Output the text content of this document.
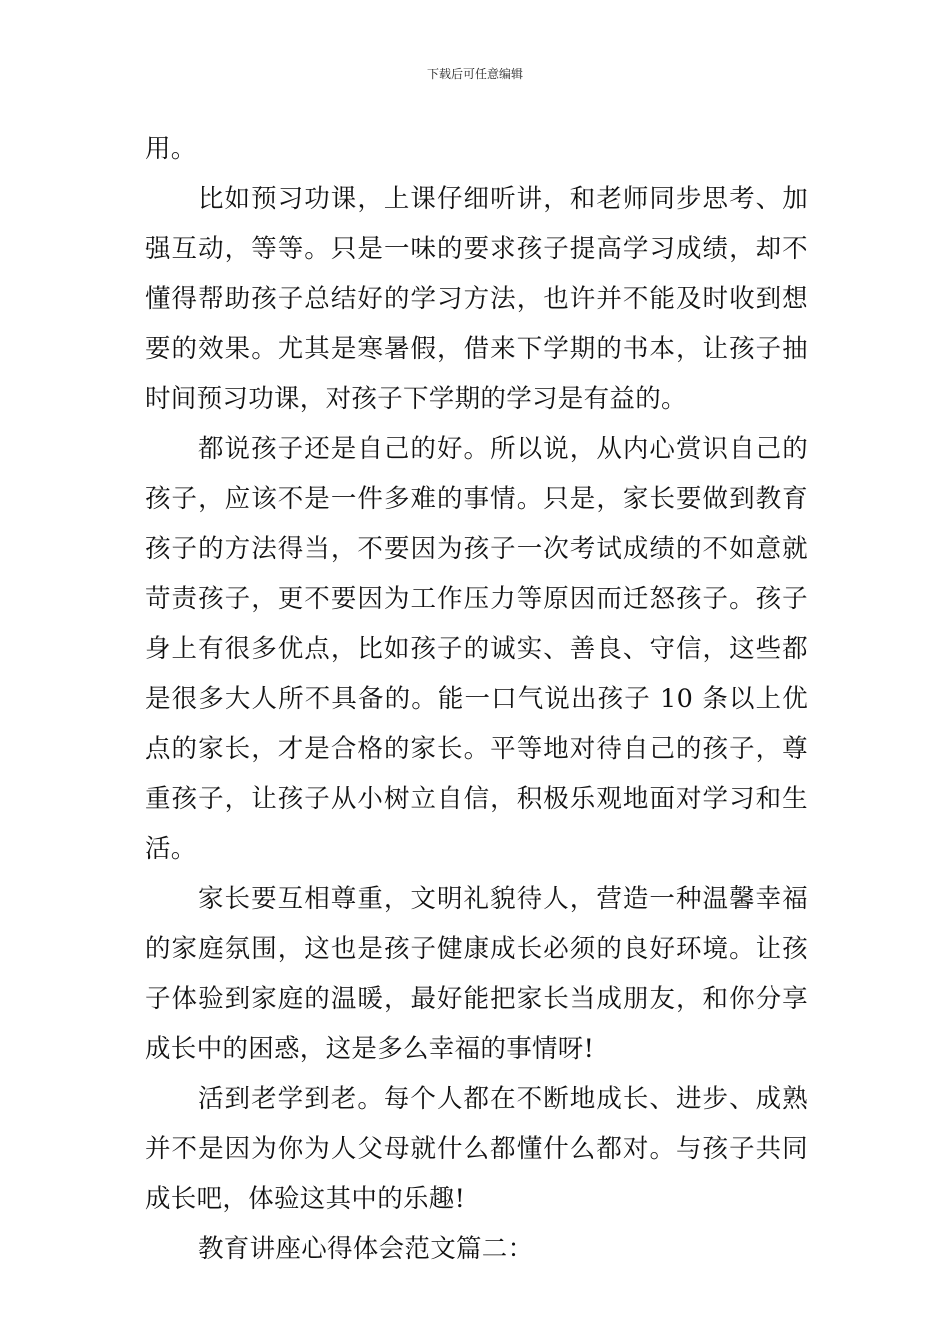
下载后可任意编辑

用。

比如预习功课，上课仔细听讲，和老师同步思考、加强互动，等等。只是一味的要求孩子提高学习成绩，却不懂得帮助孩子总结好的学习方法，也许并不能及时收到想要的效果。尤其是寒暑假，借来下学期的书本，让孩子抽时间预习功课，对孩子下学期的学习是有益的。

都说孩子还是自己的好。所以说，从内心赏识自己的孩子，应该不是一件多难的事情。只是，家长要做到教育孩子的方法得当，不要因为孩子一次考试成绩的不如意就苛责孩子，更不要因为工作压力等原因而迁怒孩子。孩子身上有很多优点，比如孩子的诚实、善良、守信，这些都是很多大人所不具备的。能一口气说出孩子 10 条以上优点的家长，才是合格的家长。平等地对待自己的孩子，尊重孩子，让孩子从小树立自信，积极乐观地面对学习和生活。

家长要互相尊重，文明礼貌待人，营造一种温馨幸福的家庭氛围，这也是孩子健康成长必须的良好环境。让孩子体验到家庭的温暖，最好能把家长当成朋友，和你分享成长中的困惑，这是多么幸福的事情呀!

活到老学到老。每个人都在不断地成长、进步、成熟并不是因为你为人父母就什么都懂什么都对。与孩子共同成长吧，体验这其中的乐趣!

教育讲座心得体会范文篇二：
